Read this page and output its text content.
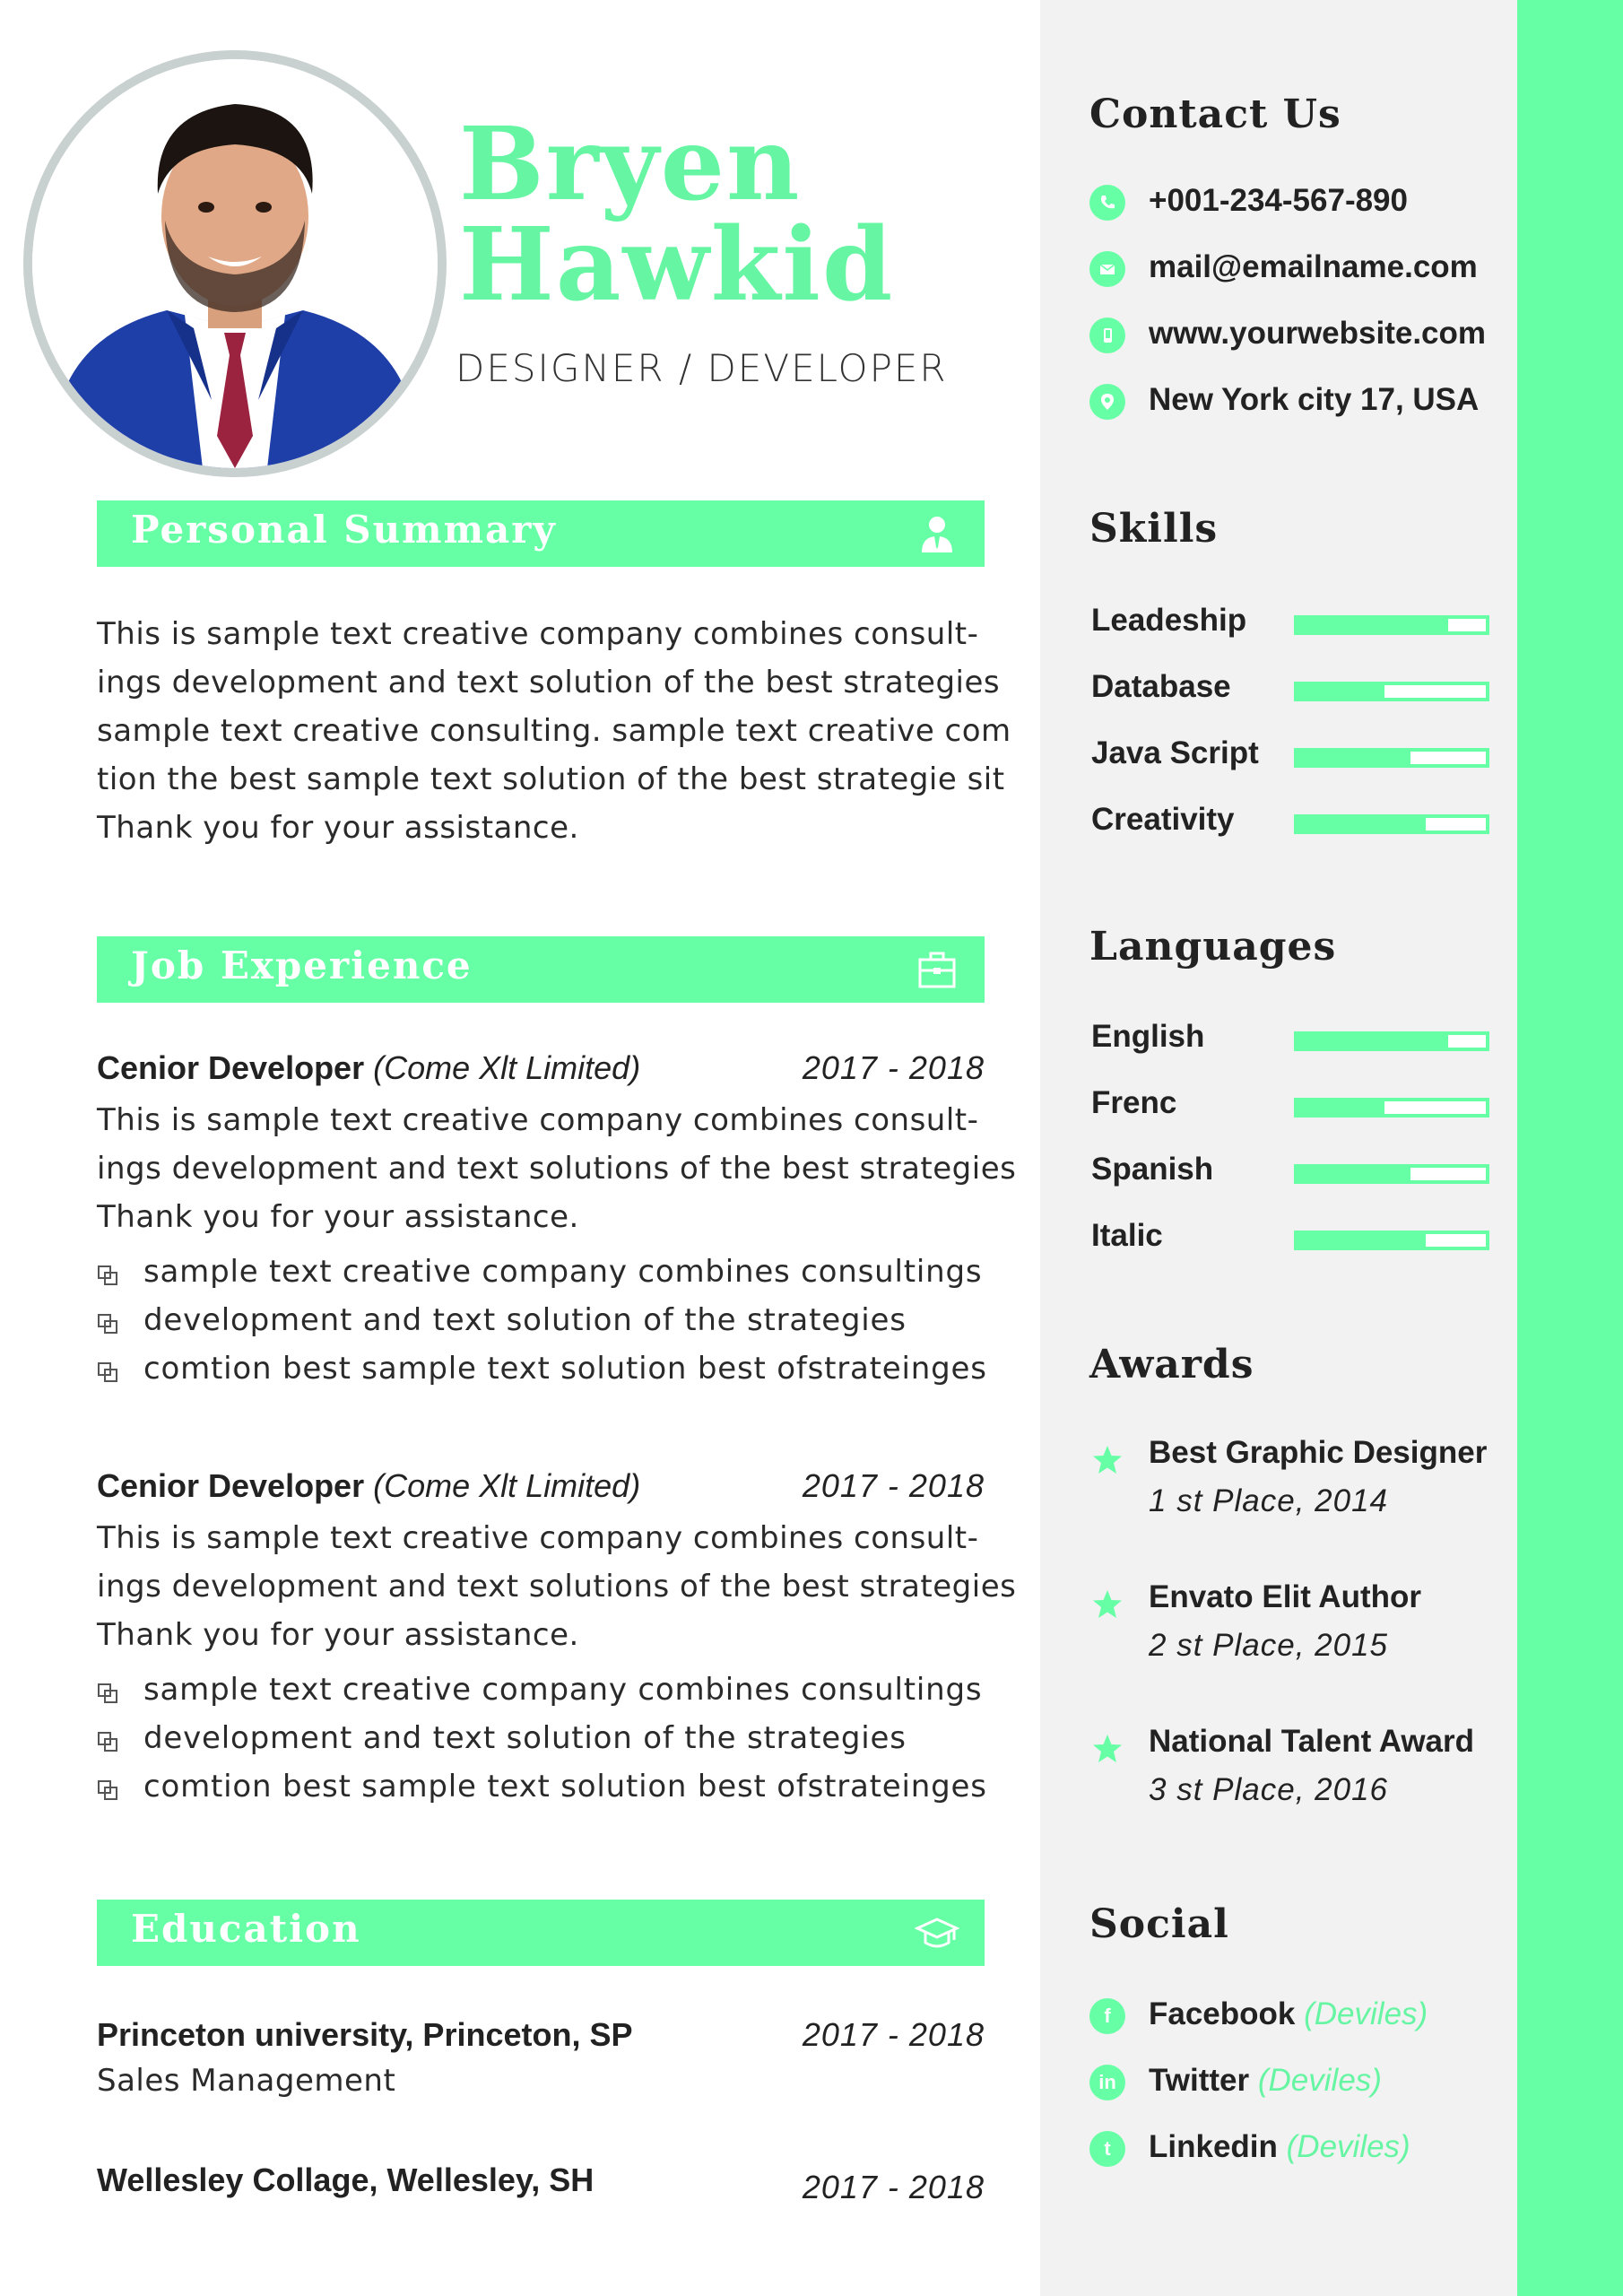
Bryen
Hawkid
DESIGNER / DEVELOPER
Personal Summary
This is sample text creative company combines consult-
ings development and text solution of the best strategies
sample text creative consulting. sample text creative com
tion the best sample text solution of the best strategie sit
Thank you for your assistance.
Job Experience
Cenior Developer (Come Xlt Limited)	2017 - 2018
This is sample text creative company combines consult-
ings development and text solutions of the best strategies
Thank you for your assistance.
sample text creative company combines consultings
development and text solution of the strategies
comtion best sample text solution best ofstrateinges
Cenior Developer (Come Xlt Limited)	2017 - 2018
This is sample text creative company combines consult-
ings development and text solutions of the best strategies
Thank you for your assistance.
sample text creative company combines consultings
development and text solution of the strategies
comtion best sample text solution best ofstrateinges
Education
Princeton university, Princeton, SP	2017 - 2018
Sales Management
Wellesley Collage, Wellesley, SH	2017 - 2018
Contact Us
+001-234-567-890
mail@emailname.com
www.yourwebsite.com
New York city 17, USA
Skills
Leadeship
Database
Java Script
Creativity
Languages
English
Frenc
Spanish
Italic
Awards
Best Graphic Designer
1 st Place, 2014
Envato Elit Author
2 st Place, 2015
National Talent Award
3 st Place, 2016
Social
f	Facebook (Deviles)
in Twitter (Deviles)
t	Linkedin (Deviles)
